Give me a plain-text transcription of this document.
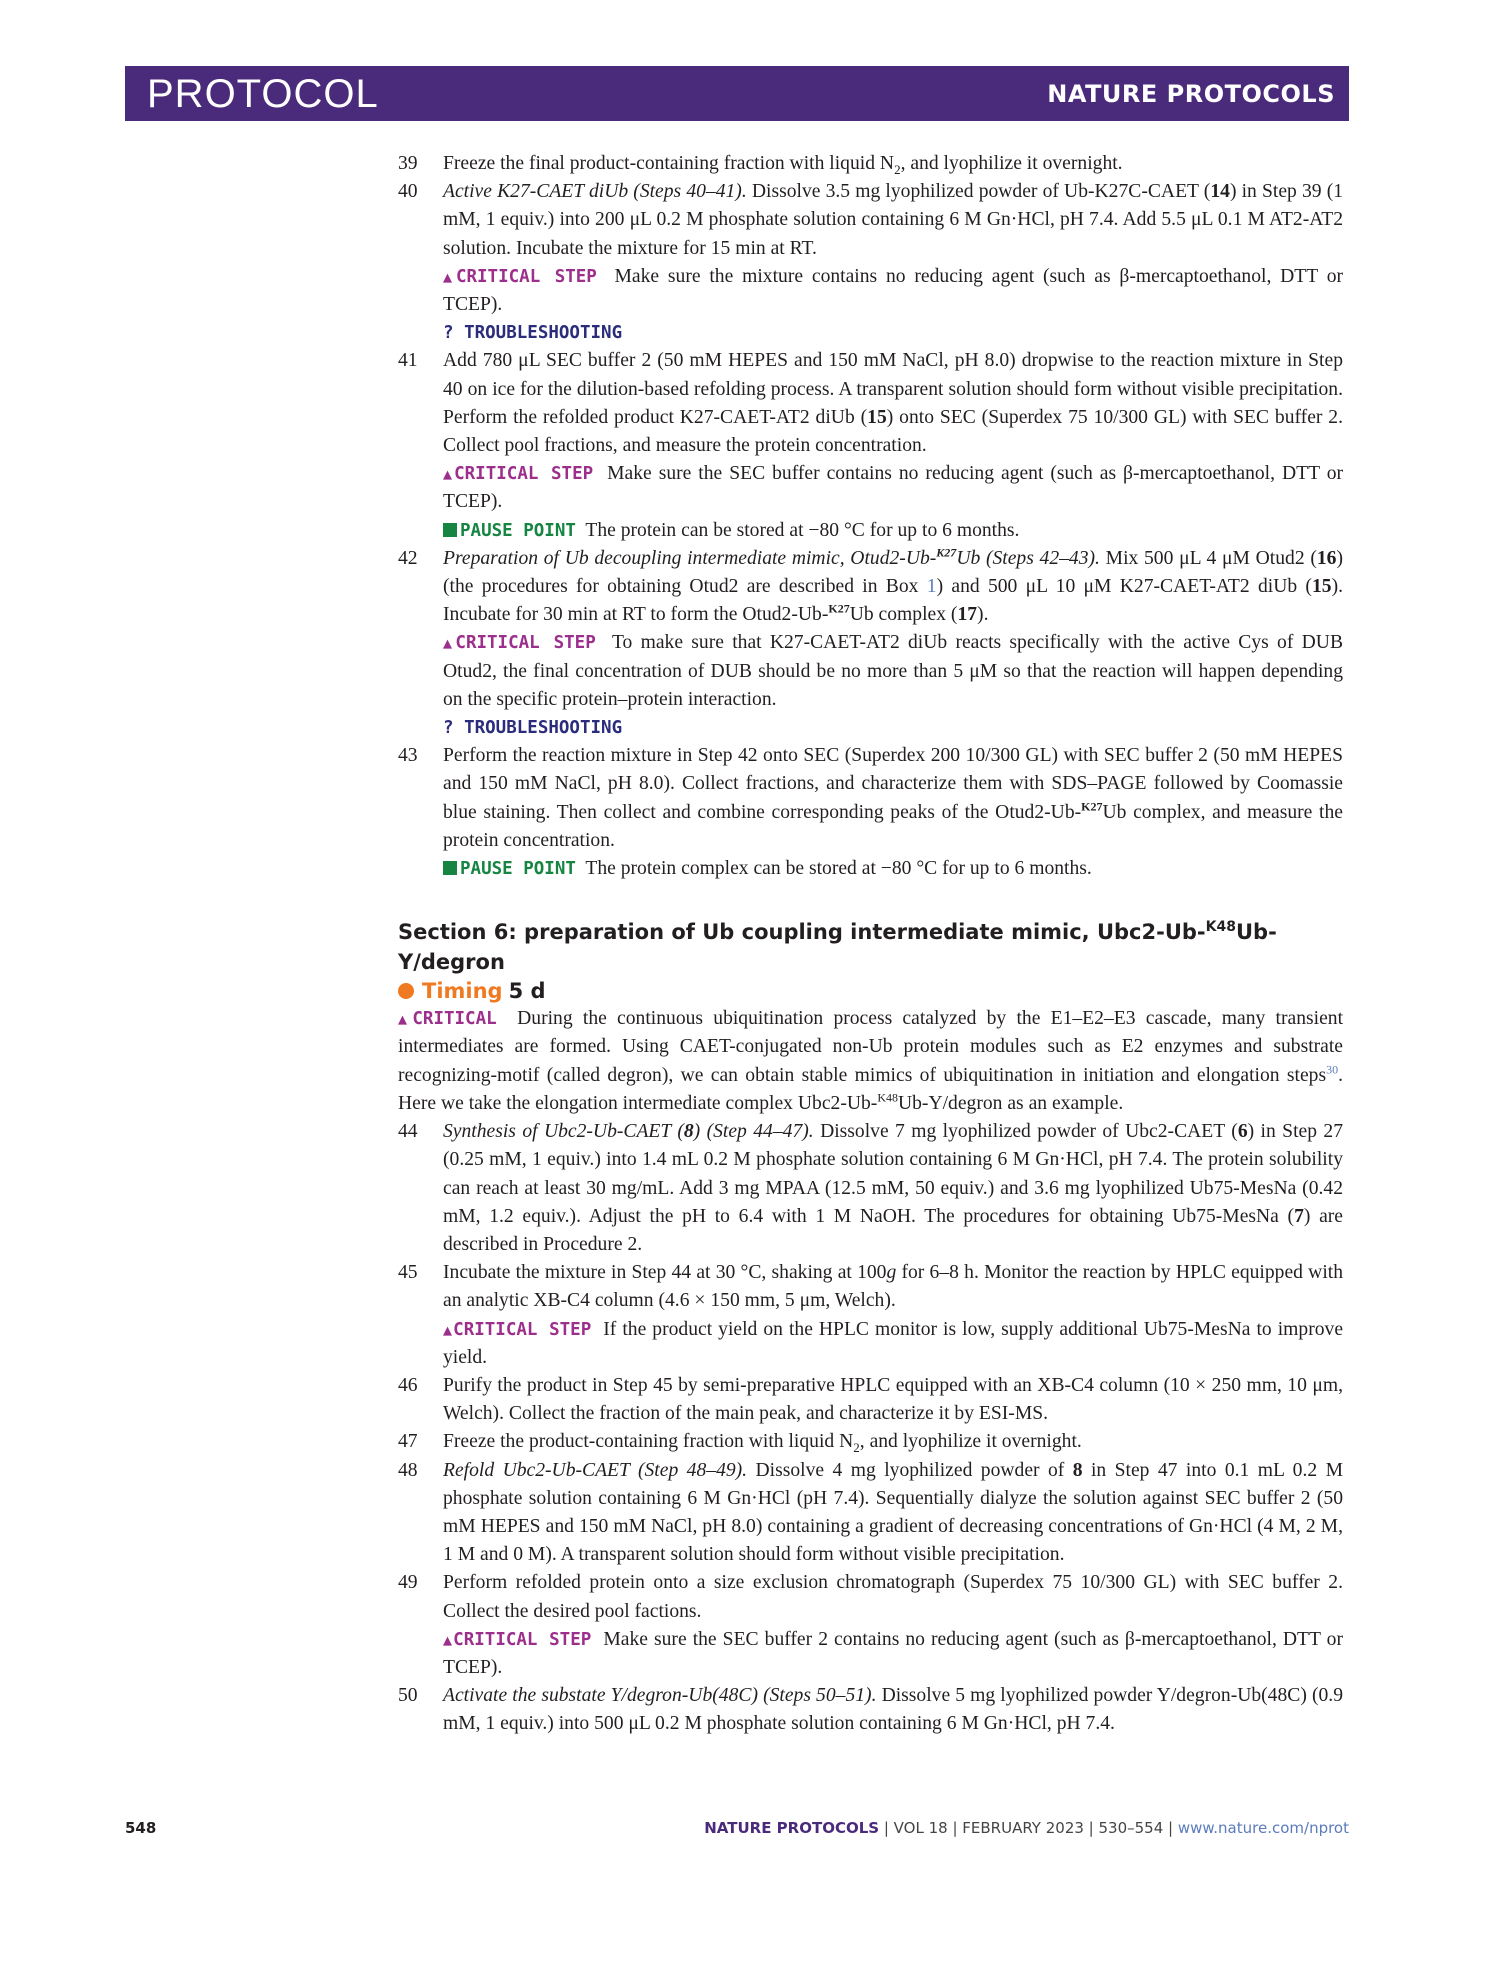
PROTOCOL	NATURE PROTOCOLS
39 Freeze the final product-containing fraction with liquid $N_2$, and lyophilize it overnight.
40 Active K27-CAET diUb (Steps 40–41). Dissolve 3.5 mg lyophilized powder of Ub-K27C-CAET (14) in Step 39 (1 mM, 1 equiv.) into 200 μL 0.2 M phosphate solution containing 6 M Gn·HCl, pH 7.4. Add 5.5 μL 0.1 M AT2-AT2 solution. Incubate the mixture for 15 min at RT.
▲CRITICAL STEP Make sure the mixture contains no reducing agent (such as β-mercaptoethanol, DTT or TCEP).
? TROUBLESHOOTING
41 Add 780 μL SEC buffer 2 (50 mM HEPES and 150 mM NaCl, pH 8.0) dropwise to the reaction mixture in Step 40 on ice for the dilution-based refolding process. A transparent solution should form without visible precipitation. Perform the refolded product K27-CAET-AT2 diUb (15) onto SEC (Superdex 75 10/300 GL) with SEC buffer 2. Collect pool fractions, and measure the protein concentration.
▲CRITICAL STEP Make sure the SEC buffer contains no reducing agent (such as β-mercaptoethanol, DTT or TCEP).
PAUSE POINT The protein can be stored at −80 °C for up to 6 months.
42 Preparation of Ub decoupling intermediate mimic, Otud2-Ub-$^{K27}$Ub (Steps 42–43). Mix 500 μL 4 μM Otud2 (16) (the procedures for obtaining Otud2 are described in Box 1) and 500 μL 10 μM K27-CAET-AT2 diUb (15). Incubate for 30 min at RT to form the Otud2-Ub-$^{K27}$Ub complex (17).
▲CRITICAL STEP To make sure that K27-CAET-AT2 diUb reacts specifically with the active Cys of DUB Otud2, the final concentration of DUB should be no more than 5 μM so that the reaction will happen depending on the specific protein–protein interaction.
? TROUBLESHOOTING
43 Perform the reaction mixture in Step 42 onto SEC (Superdex 200 10/300 GL) with SEC buffer 2 (50 mM HEPES and 150 mM NaCl, pH 8.0). Collect fractions, and characterize them with SDS–PAGE followed by Coomassie blue staining. Then collect and combine corresponding peaks of the Otud2-Ub-$^{K27}$Ub complex, and measure the protein concentration.
PAUSE POINT The protein complex can be stored at −80 °C for up to 6 months.
Section 6: preparation of Ub coupling intermediate mimic, Ubc2-Ub-$^{K48}$Ub-Y/degron
Timing 5 d
▲CRITICAL During the continuous ubiquitination process catalyzed by the E1–E2–E3 cascade, many transient intermediates are formed. Using CAET-conjugated non-Ub protein modules such as E2 enzymes and substrate recognizing-motif (called degron), we can obtain stable mimics of ubiquitination in initiation and elongation steps$^{30}$. Here we take the elongation intermediate complex Ubc2-Ub-$^{K48}$Ub-Y/degron as an example.
44 Synthesis of Ubc2-Ub-CAET (8) (Step 44–47). Dissolve 7 mg lyophilized powder of Ubc2-CAET (6) in Step 27 (0.25 mM, 1 equiv.) into 1.4 mL 0.2 M phosphate solution containing 6 M Gn·HCl, pH 7.4. The protein solubility can reach at least 30 mg/mL. Add 3 mg MPAA (12.5 mM, 50 equiv.) and 3.6 mg lyophilized Ub75-MesNa (0.42 mM, 1.2 equiv.). Adjust the pH to 6.4 with 1 M NaOH. The procedures for obtaining Ub75-MesNa (7) are described in Procedure 2.
45 Incubate the mixture in Step 44 at 30 °C, shaking at 100g for 6–8 h. Monitor the reaction by HPLC equipped with an analytic XB-C4 column (4.6 × 150 mm, 5 μm, Welch).
▲CRITICAL STEP If the product yield on the HPLC monitor is low, supply additional Ub75-MesNa to improve yield.
46 Purify the product in Step 45 by semi-preparative HPLC equipped with an XB-C4 column (10 × 250 mm, 10 μm, Welch). Collect the fraction of the main peak, and characterize it by ESI-MS.
47 Freeze the product-containing fraction with liquid $N_2$, and lyophilize it overnight.
48 Refold Ubc2-Ub-CAET (Step 48–49). Dissolve 4 mg lyophilized powder of 8 in Step 47 into 0.1 mL 0.2 M phosphate solution containing 6 M Gn·HCl (pH 7.4). Sequentially dialyze the solution against SEC buffer 2 (50 mM HEPES and 150 mM NaCl, pH 8.0) containing a gradient of decreasing concentrations of Gn·HCl (4 M, 2 M, 1 M and 0 M). A transparent solution should form without visible precipitation.
49 Perform refolded protein onto a size exclusion chromatograph (Superdex 75 10/300 GL) with SEC buffer 2. Collect the desired pool factions.
▲CRITICAL STEP Make sure the SEC buffer 2 contains no reducing agent (such as β-mercaptoethanol, DTT or TCEP).
50 Activate the substate Y/degron-Ub(48C) (Steps 50–51). Dissolve 5 mg lyophilized powder Y/degron-Ub(48C) (0.9 mM, 1 equiv.) into 500 μL 0.2 M phosphate solution containing 6 M Gn·HCl, pH 7.4.
548	NATURE PROTOCOLS | VOL 18 | FEBRUARY 2023 | 530–554 | www.nature.com/nprot
